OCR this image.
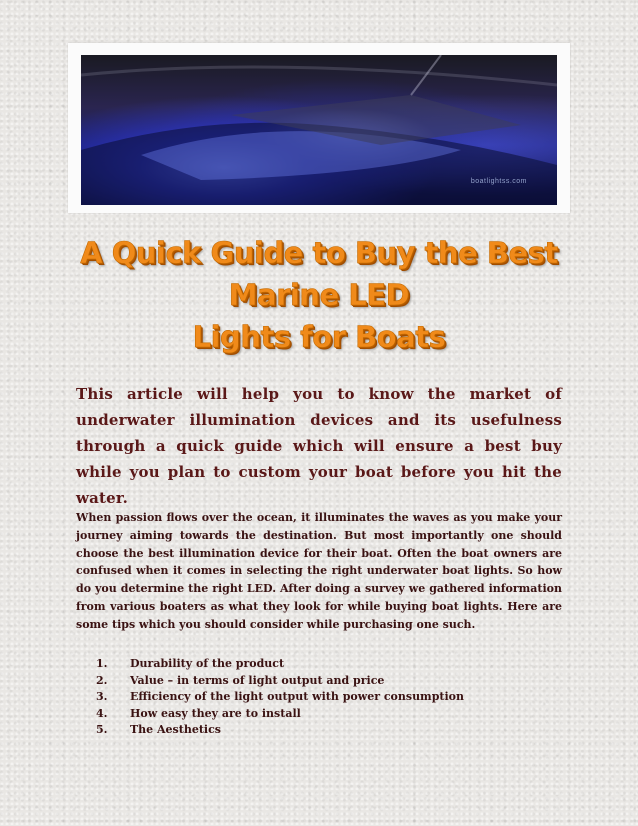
boatlightss.com
A Quick Guide to Buy the Best Marine LED
Lights for Boats
This article will help you to know the market of underwater illumination devices and its usefulness through a quick guide which will ensure a best buy while you plan to custom your boat before you hit the water.
When passion flows over the ocean, it illuminates the waves as you make your journey aiming towards the destination. But most importantly one should choose the best illumination device for their boat. Often the boat owners are confused when it comes in selecting the right underwater boat lights. So how do you determine the right LED. After doing a survey we gathered information from various boaters as what they look for while buying boat lights. Here are some tips which you should consider while purchasing one such.
1.	Durability of the product
2.	Value – in terms of light output and price
3.	Efficiency of the light output with power consumption
4.	How easy they are to install
5.	The Aesthetics
